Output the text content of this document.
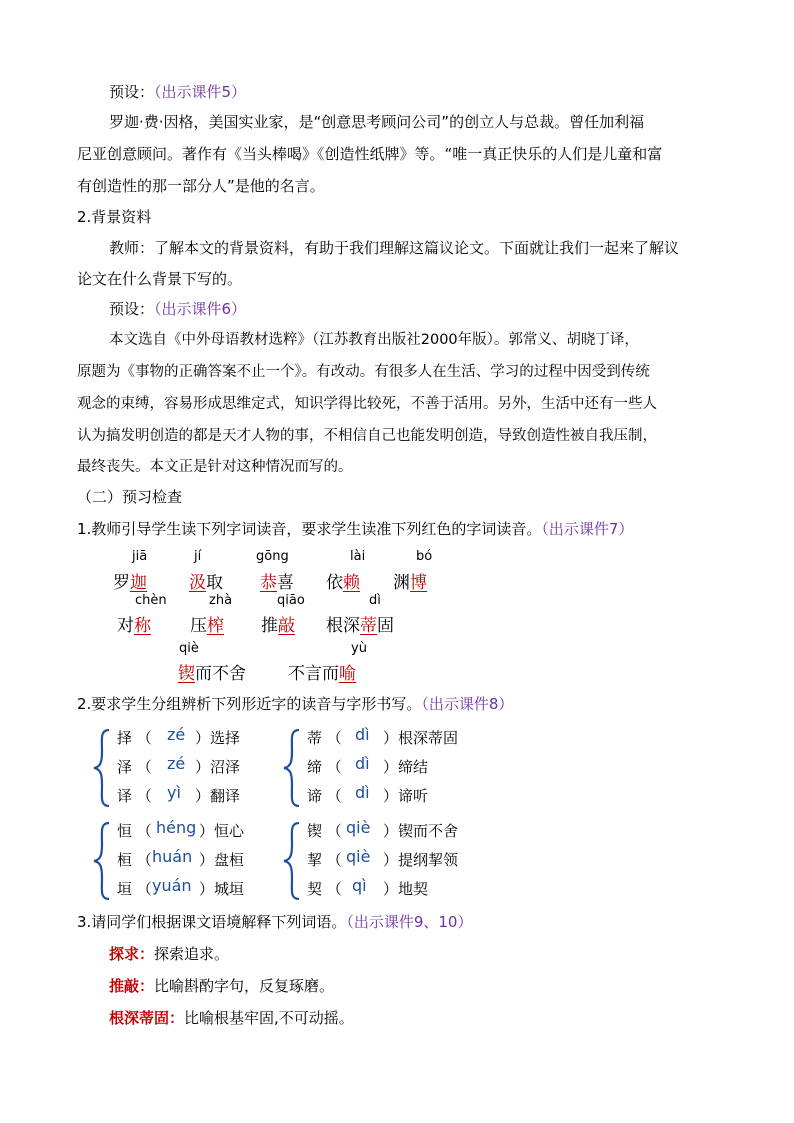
预设：（出示课件5）
罗迦·费·因格，美国实业家，是“创意思考顾问公司”的创立人与总裁。曾任加利福
尼亚创意顾问。著作有《当头棒喝》《创造性纸牌》等。“唯一真正快乐的人们是儿童和富
有创造性的那一部分人”是他的名言。
2.背景资料
教师：了解本文的背景资料，有助于我们理解这篇议论文。下面就让我们一起来了解议
论文在什么背景下写的。
预设：（出示课件6）
本文选自《中外母语教材选粹》（江苏教育出版社2000年版）。郭常义、胡晓丁译，
原题为《事物的正确答案不止一个》。有改动。有很多人在生活、学习的过程中因受到传统
观念的束缚，容易形成思维定式，知识学得比较死，不善于活用。另外，生活中还有一些人
认为搞发明创造的都是天才人物的事，不相信自己也能发明创造，导致创造性被自我压制，
最终丧失。本文正是针对这种情况而写的。
（二）预习检查
1.教师引导学生读下列字词读音，要求学生读准下列红色的字词读音。（出示课件7）
jiā
罗迦
jí
汲取
gōng
恭喜
lài
依赖
bó
渊博
chèn
对称
zhà
压榨
qiāo
推敲
dì
根深蒂固
qiè
锲而不舍
yù
不言而喻
2.要求学生分组辨析下列形近字的读音与字形书写。（出示课件8）
择 （ zé ）选择
泽 （ zé ）沼泽
译 （ yì ）翻译
蒂 （ dì ）根深蒂固
缔 （ dì ）缔结
谛 （ dì ）谛听
恒 （ héng ）恒心
桓 （ huán ）盘桓
垣 （ yuán ）城垣
锲 （ qiè ）锲而不舍
挈 （ qiè ）提纲挈领
契 （ qì ）地契
3.请同学们根据课文语境解释下列词语。（出示课件9、10）
探求：探索追求。
推敲：比喻斟酌字句，反复琢磨。
根深蒂固：比喻根基牢固,不可动摇。
